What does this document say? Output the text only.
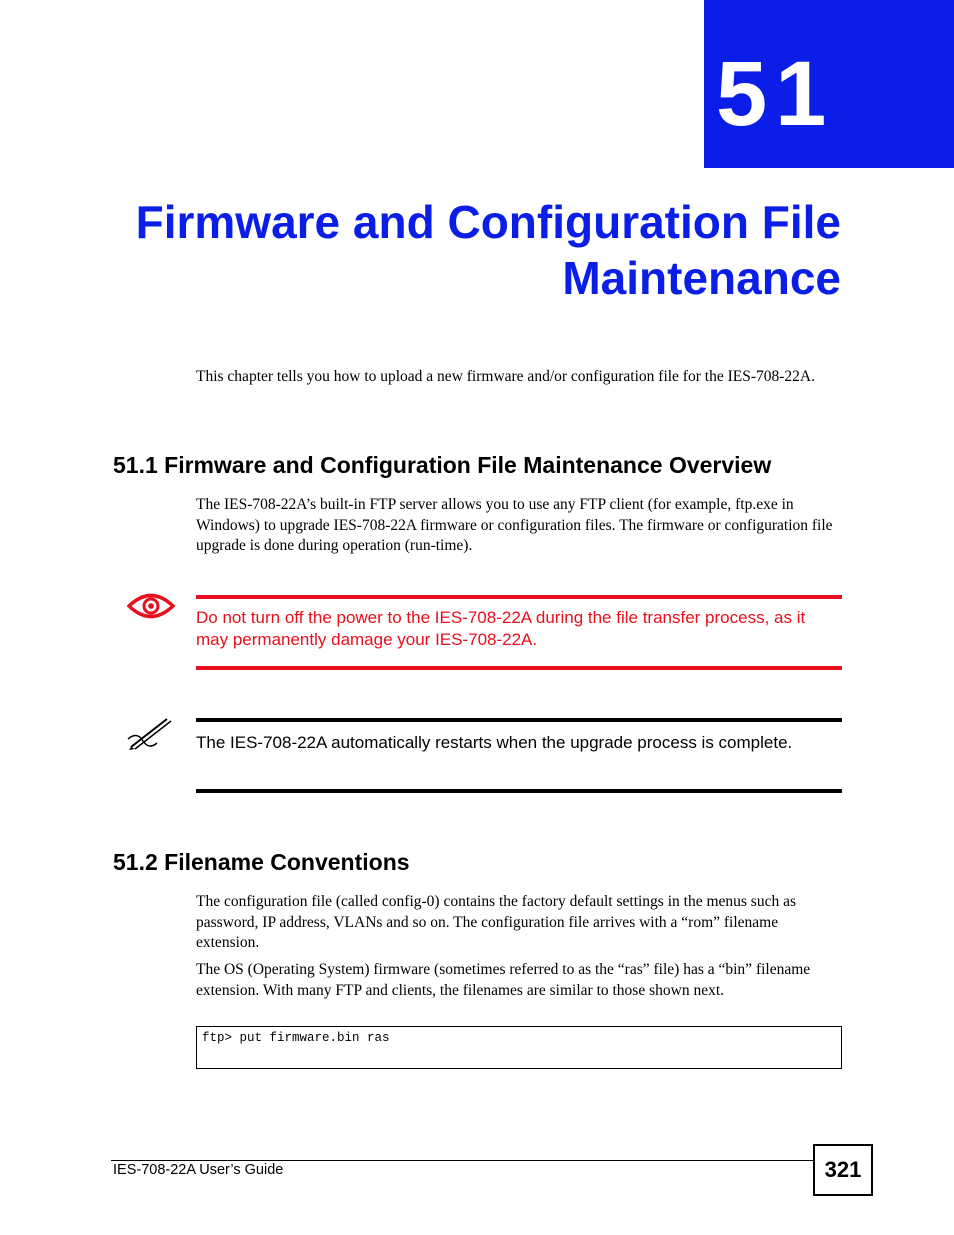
51
Firmware and Configuration File
Maintenance

This chapter tells you how to upload a new firmware and/or configuration file for the IES-708-22A.

51.1 Firmware and Configuration File Maintenance Overview

The IES-708-22A’s built-in FTP server allows you to use any FTP client (for example, ftp.exe in Windows) to upgrade IES-708-22A firmware or configuration files. The firmware or configuration file upgrade is done during operation (run-time).

Do not turn off the power to the IES-708-22A during the file transfer process, as it may permanently damage your IES-708-22A.

The IES-708-22A automatically restarts when the upgrade process is complete.

51.2 Filename Conventions

The configuration file (called config-0) contains the factory default settings in the menus such as password, IP address, VLANs and so on. The configuration file arrives with a “rom” filename extension.

The OS (Operating System) firmware (sometimes referred to as the “ras” file) has a “bin” filename extension. With many FTP and clients, the filenames are similar to those shown next.

ftp> put firmware.bin ras
IES-708-22A User’s Guide	321
